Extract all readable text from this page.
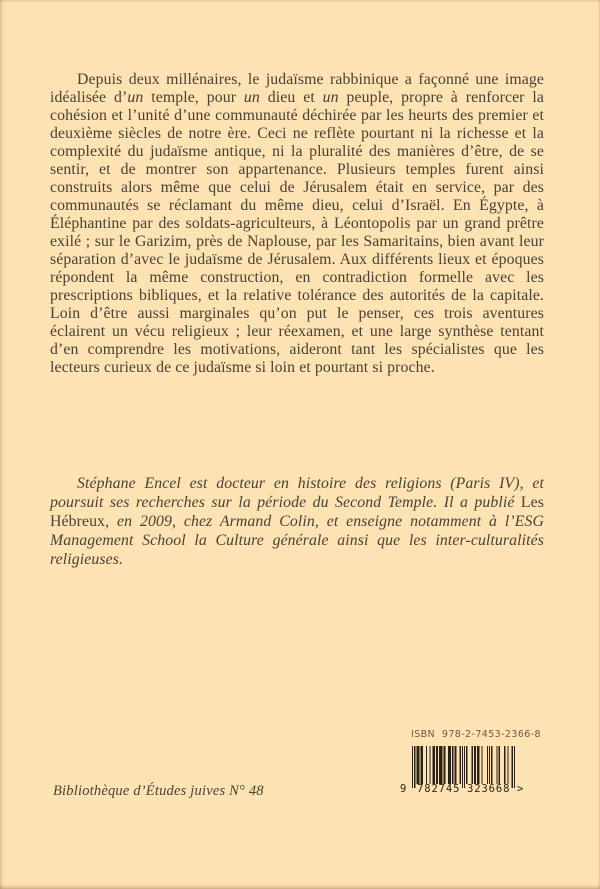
Depuis deux millénaires, le judaïsme rabbinique a façonné une image idéalisée d’un temple, pour un dieu et un peuple, propre à renforcer la cohésion et l’unité d’une communauté déchirée par les heurts des premier et deuxième siècles de notre ère. Ceci ne reflète pourtant ni la richesse et la complexité du judaïsme antique, ni la pluralité des manières d’être, de se sentir, et de montrer son appartenance. Plusieurs temples furent ainsi construits alors même que celui de Jérusalem était en service, par des communautés se réclamant du même dieu, celui d’Israël. En Égypte, à Éléphantine par des soldats-agriculteurs, à Léontopolis par un grand prêtre exilé ; sur le Garizim, près de Naplouse, par les Samaritains, bien avant leur séparation d’avec le judaïsme de Jérusalem. Aux différents lieux et époques répondent la même construction, en contradiction formelle avec les prescriptions bibliques, et la relative tolérance des autorités de la capitale. Loin d’être aussi marginales qu’on put le penser, ces trois aventures éclairent un vécu religieux ; leur réexamen, et une large synthèse tentant d’en comprendre les motivations, aideront tant les spécialistes que les lecteurs curieux de ce judaïsme si loin et pourtant si proche.

Stéphane Encel est docteur en histoire des religions (Paris IV), et poursuit ses recherches sur la période du Second Temple. Il a publié Les Hébreux, en 2009, chez Armand Colin, et enseigne notamment à l’ESG Management School la Culture générale ainsi que les inter-culturalités religieuses.

Bibliothèque d’Études juives N° 48
ISBN  978-2-7453-2366-8
9 782745 323668 >
